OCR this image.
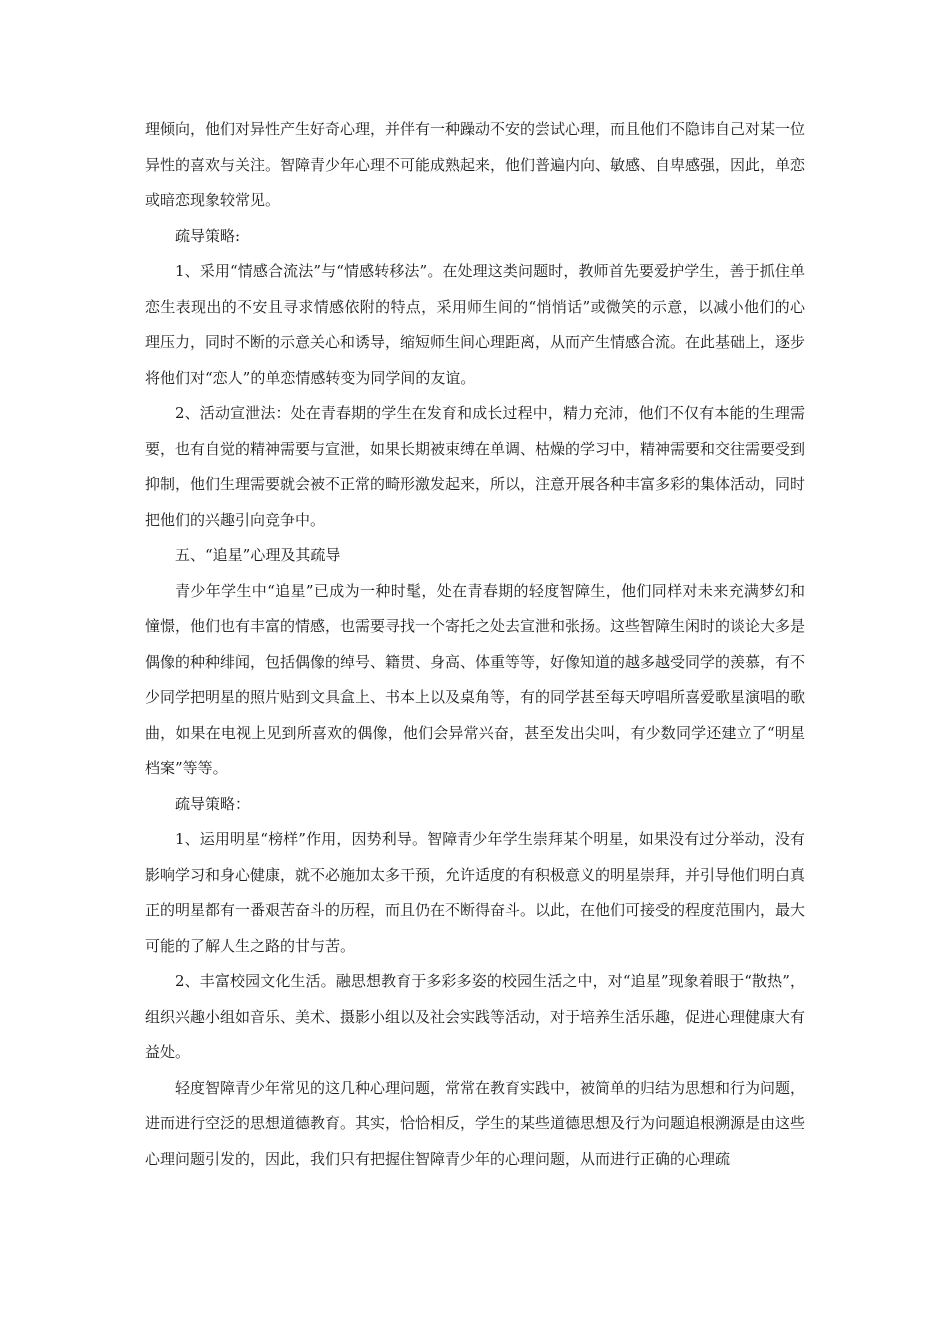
理倾向，他们对异性产生好奇心理，并伴有一种躁动不安的尝试心理，而且他们不隐讳自己对某一位异性的喜欢与关注。智障青少年心理不可能成熟起来，他们普遍内向、敏感、自卑感强，因此，单恋或暗恋现象较常见。

疏导策略:

1、采用“情感合流法”与“情感转移法”。在处理这类问题时，教师首先要爱护学生，善于抓住单恋生表现出的不安且寻求情感依附的特点，采用师生间的“悄悄话”或微笑的示意，以减小他们的心理压力，同时不断的示意关心和诱导，缩短师生间心理距离，从而产生情感合流。在此基础上，逐步将他们对“恋人”的单恋情感转变为同学间的友谊。

2、活动宣泄法：处在青春期的学生在发育和成长过程中，精力充沛，他们不仅有本能的生理需要，也有自觉的精神需要与宣泄，如果长期被束缚在单调、枯燥的学习中，精神需要和交往需要受到抑制，他们生理需要就会被不正常的畸形激发起来，所以，注意开展各种丰富多彩的集体活动，同时把他们的兴趣引向竞争中。

五、“追星”心理及其疏导

青少年学生中“追星”已成为一种时髦，处在青春期的轻度智障生，他们同样对未来充满梦幻和憧憬，他们也有丰富的情感，也需要寻找一个寄托之处去宣泄和张扬。这些智障生闲时的谈论大多是偶像的种种绯闻，包括偶像的绰号、籍贯、身高、体重等等，好像知道的越多越受同学的羡慕，有不少同学把明星的照片贴到文具盒上、书本上以及桌角等，有的同学甚至每天哼唱所喜爱歌星演唱的歌曲，如果在电视上见到所喜欢的偶像，他们会异常兴奋，甚至发出尖叫，有少数同学还建立了“明星档案”等等。

疏导策略：

1、运用明星“榜样”作用，因势利导。智障青少年学生崇拜某个明星，如果没有过分举动，没有影响学习和身心健康，就不必施加太多干预，允许适度的有积极意义的明星崇拜，并引导他们明白真正的明星都有一番艰苦奋斗的历程，而且仍在不断得奋斗。以此，在他们可接受的程度范围内，最大可能的了解人生之路的甘与苦。

2、丰富校园文化生活。融思想教育于多彩多姿的校园生活之中，对“追星”现象着眼于“散热”，组织兴趣小组如音乐、美术、摄影小组以及社会实践等活动，对于培养生活乐趣，促进心理健康大有益处。

轻度智障青少年常见的这几种心理问题，常常在教育实践中，被简单的归结为思想和行为问题，进而进行空泛的思想道德教育。其实，恰恰相反，学生的某些道德思想及行为问题追根溯源是由这些心理问题引发的，因此，我们只有把握住智障青少年的心理问题，从而进行正确的心理疏
